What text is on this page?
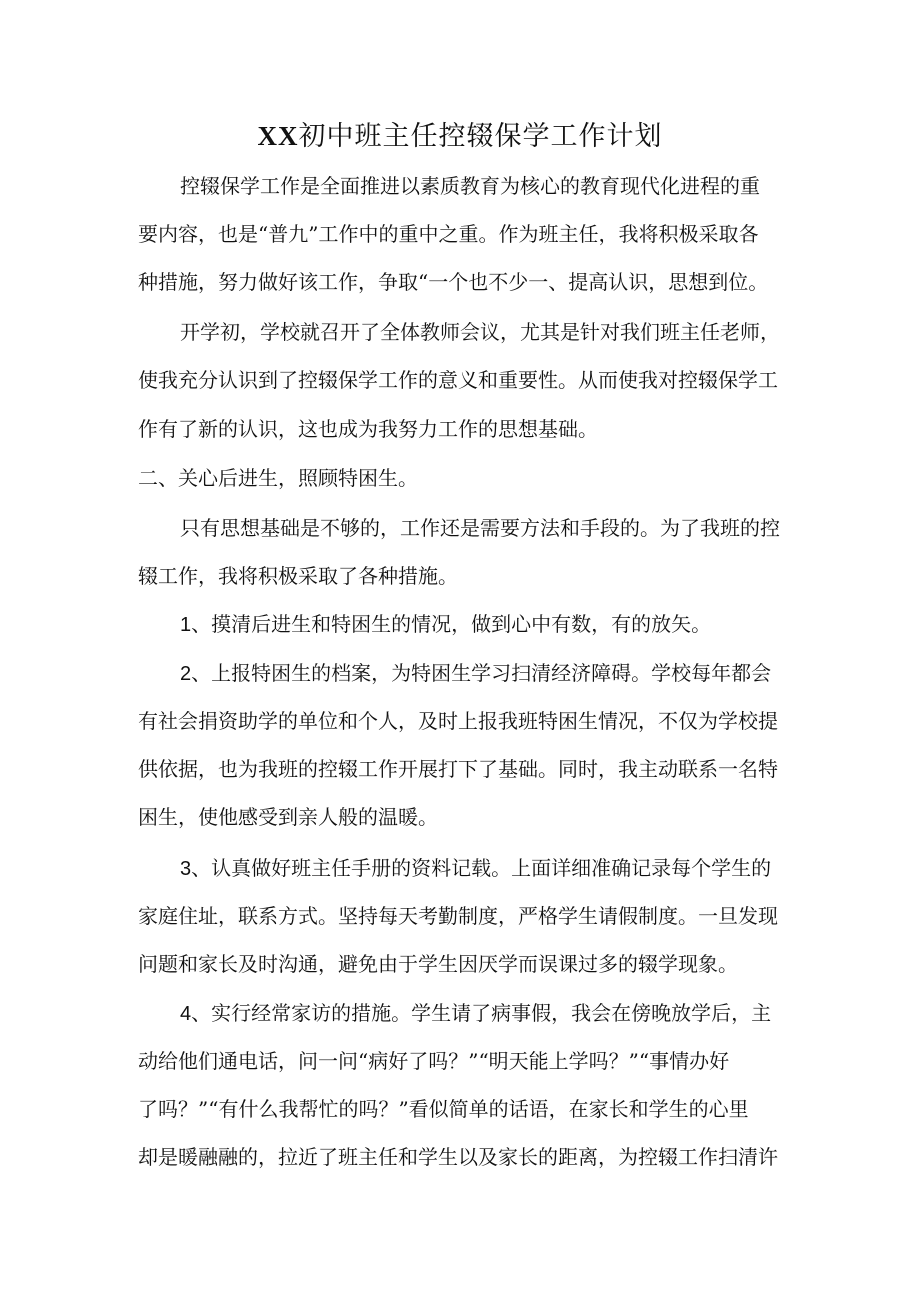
XX初中班主任控辍保学工作计划
控辍保学工作是全面推进以素质教育为核心的教育现代化进程的重
要内容，也是“普九”工作中的重中之重。作为班主任，我将积极采取各
种措施，努力做好该工作，争取“一个也不少一、提高认识，思想到位。
开学初，学校就召开了全体教师会议，尤其是针对我们班主任老师，
使我充分认识到了控辍保学工作的意义和重要性。从而使我对控辍保学工
作有了新的认识，这也成为我努力工作的思想基础。
二、关心后进生，照顾特困生。
只有思想基础是不够的，工作还是需要方法和手段的。为了我班的控
辍工作，我将积极采取了各种措施。
1、摸清后进生和特困生的情况，做到心中有数，有的放矢。
2、上报特困生的档案，为特困生学习扫清经济障碍。学校每年都会
有社会捐资助学的单位和个人，及时上报我班特困生情况，不仅为学校提
供依据，也为我班的控辍工作开展打下了基础。同时，我主动联系一名特
困生，使他感受到亲人般的温暖。
3、认真做好班主任手册的资料记载。上面详细准确记录每个学生的
家庭住址，联系方式。坚持每天考勤制度，严格学生请假制度。一旦发现
问题和家长及时沟通，避免由于学生因厌学而误课过多的辍学现象。
4、实行经常家访的措施。学生请了病事假，我会在傍晚放学后，主
动给他们通电话，问一问“病好了吗？”“明天能上学吗？”“事情办好
了吗？”“有什么我帮忙的吗？”看似简单的话语，在家长和学生的心里
却是暖融融的，拉近了班主任和学生以及家长的距离，为控辍工作扫清许
